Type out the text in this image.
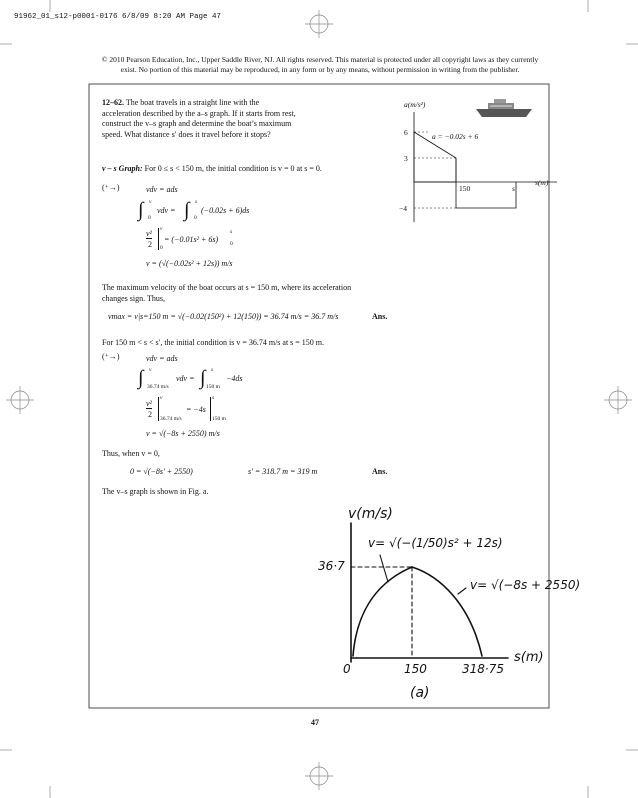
91962_01_s12-p0001-0176 6/8/09 8:20 AM Page 47
© 2010 Pearson Education, Inc., Upper Saddle River, NJ. All rights reserved. This material is protected under all copyright laws as they currently
exist. No portion of this material may be reproduced, in any form or by any means, without permission in writing from the publisher.
12–62. The boat travels in a straight line with the
acceleration described by the a–s graph. If it starts from rest,
construct the v–s graph and determine the boat’s maximum
speed. What distance s′ does it travel before it stops?
a(m/s²)
6
3
−4
a = −0.02s + 6
150	s′
s(m)
v – s Graph: For 0 ≤ s < 150 m, the initial condition is v = 0 at s = 0.
(⁺→)	vdv = ads
∫ v
0
vdv = ∫ s
0
(−0.02s + 6)ds
v²
2
v
0
= (−0.01s² + 6s)
s
0
v = (√(−0.02s² + 12s)) m/s
The maximum velocity of the boat occurs at s = 150 m, where its acceleration
changes sign. Thus,
vmax = v|s=150 m = √(−0.02(150²) + 12(150)) = 36.74 m/s = 36.7 m/s	Ans.
For 150 m < s < s′, the initial condition is v = 36.74 m/s at s = 150 m.
(⁺→)	vdv = ads
∫ v
36.74 m/s
vdv = ∫ s
150 m
−4ds
v²
2
v
36.74 m/s
= −4s
s
150 m
v = √(−8s + 2550) m/s
Thus, when v = 0,
0 = √(−8s′ + 2550)	s′ = 318.7 m = 319 m	Ans.
The v–s graph is shown in Fig. a.
v(m/s)
v= √(−(1/50)s² + 12s)
36·7
v= √(−8s + 2550)
0	150	318·75
s(m)
(a)
47
